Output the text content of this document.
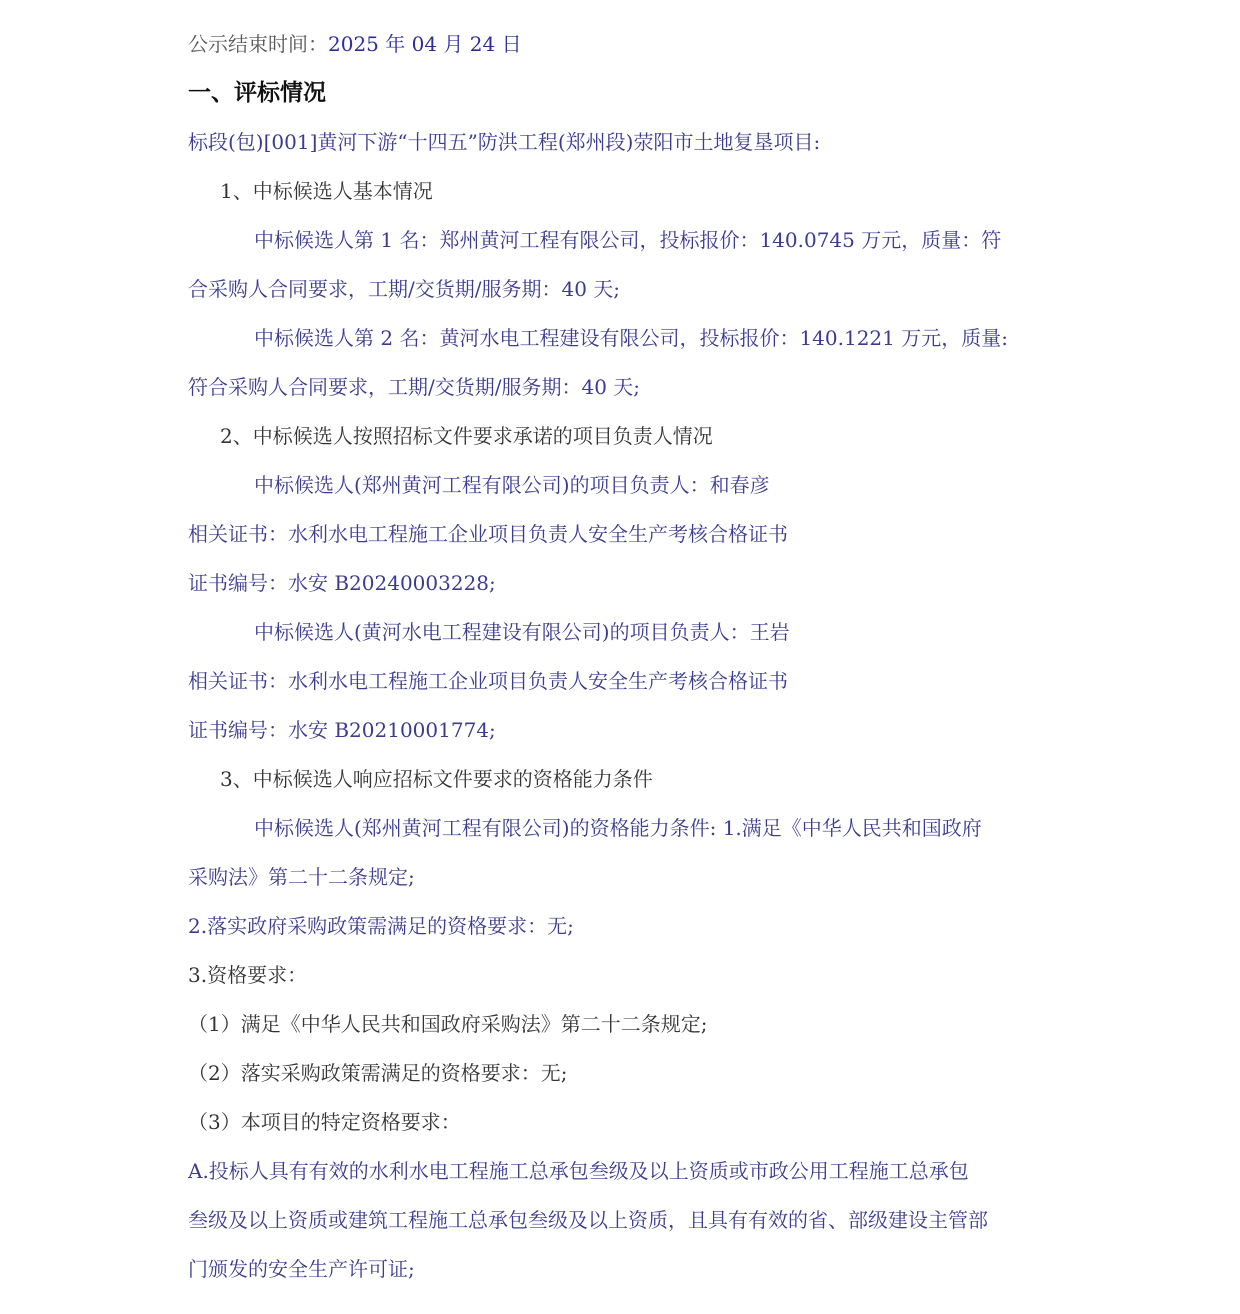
公示结束时间：2025 年 04 月 24 日
一、评标情况
标段(包)[001]黄河下游“十四五”防洪工程(郑州段)荥阳市土地复垦项目:
1、中标候选人基本情况
中标候选人第 1 名：郑州黄河工程有限公司，投标报价：140.0745 万元，质量：符
合采购人合同要求，工期/交货期/服务期：40 天;
中标候选人第 2 名：黄河水电工程建设有限公司，投标报价：140.1221 万元，质量:
符合采购人合同要求，工期/交货期/服务期：40 天;
2、中标候选人按照招标文件要求承诺的项目负责人情况
中标候选人(郑州黄河工程有限公司)的项目负责人：和春彦
相关证书：水利水电工程施工企业项目负责人安全生产考核合格证书
证书编号：水安 B20240003228;
中标候选人(黄河水电工程建设有限公司)的项目负责人：王岩
相关证书：水利水电工程施工企业项目负责人安全生产考核合格证书
证书编号：水安 B20210001774;
3、中标候选人响应招标文件要求的资格能力条件
中标候选人(郑州黄河工程有限公司)的资格能力条件: 1.满足《中华人民共和国政府
采购法》第二十二条规定;
2.落实政府采购政策需满足的资格要求：无;
3.资格要求：
（1）满足《中华人民共和国政府采购法》第二十二条规定;
（2）落实采购政策需满足的资格要求：无;
（3）本项目的特定资格要求：
A.投标人具有有效的水利水电工程施工总承包叁级及以上资质或市政公用工程施工总承包
叁级及以上资质或建筑工程施工总承包叁级及以上资质，且具有有效的省、部级建设主管部
门颁发的安全生产许可证;
